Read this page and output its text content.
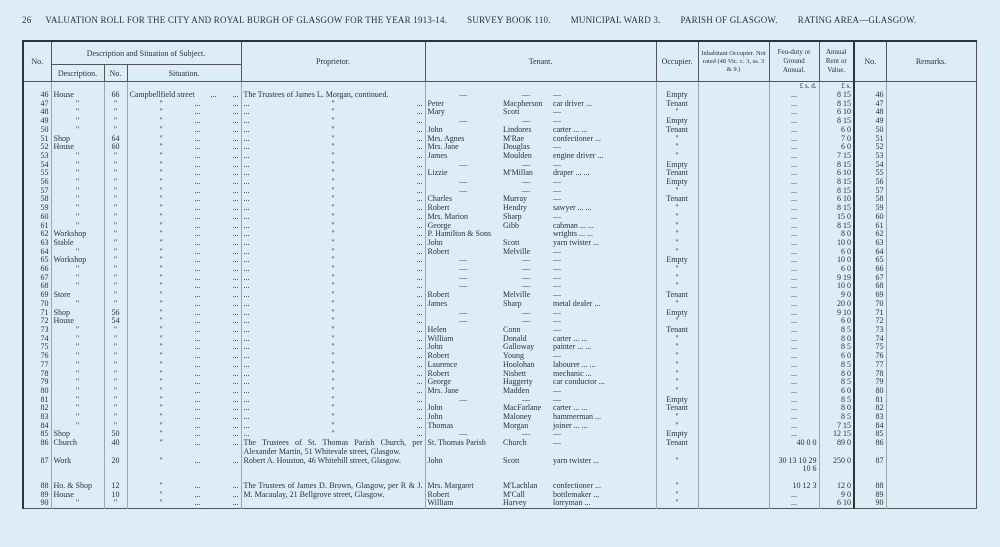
26 VALUATION ROLL FOR THE CITY AND ROYAL BURGH OF GLASGOW FOR THE YEAR 1913-14. SURVEY BOOK 110. MUNICIPAL WARD 3. PARISH OF GLASGOW. RATING AREA—GLASGOW.
No.	Description and Situation of Subject.			Proprietor.	Tenant.			Occupier.	Inhabitant Occupier. Not rated (48 Vic. c. 3, ss. 3 & 9.)	Feu-duty or Ground Annual.	Annual Rent or Value.	No.	Remarks.
	Description.	No.	Situation.										
										£ s. d.	£ s.		
46	House	66	Campbellfield street ... ...	The Trustees of James L. Morgan, continued.	—	—	—	Empty		...	8 15	46	
47	"	"	" ... ...	... " ...	Peter	Macpherson	car driver ...	Tenant		...	8 15	47	
48	"	"	" ... ...	... " ...	Mary	Scott	—	"		...	6 10	48	
49	"	"	" ... ...	... " ...	—	—	—	Empty		...	8 15	49	
50	"	"	" ... ...	... " ...	John	Lindores	carter ... ...	Tenant		...	6 0	50	
51	Shop	64	" ... ...	... " ...	Mrs. Agnes	M'Rae	confectioner ...	"		...	7 0	51	
52	House	60	" ... ...	... " ...	Mrs. Jane	Douglas	—	"		...	6 0	52	
53	"	"	" ... ...	... " ...	James	Moulden	engine driver ...	"		...	7 15	53	
54	"	"	" ... ...	... " ...	—	—	—	Empty		...	8 15	54	
55	"	"	" ... ...	... " ...	Lizzie	M'Millan	draper ... ...	Tenant		...	6 10	55	
56	"	"	" ... ...	... " ...	—	—	—	Empty		...	8 15	56	
57	"	"	" ... ...	... " ...	—	—	—	"		...	8 15	57	
58	"	"	" ... ...	... " ...	Charles	Murray	—	Tenant		...	6 10	58	
59	"	"	" ... ...	... " ...	Robert	Hendry	sawyer ... ...	"		...	8 15	59	
60	"	"	" ... ...	... " ...	Mrs. Marion	Sharp	—	"		...	15 0	60	
61	"	"	" ... ...	... " ...	George	Gibb	cabman ... ...	"		...	8 15	61	
62	Workshop	"	" ... ...	... " ...	P. Hamilton & Sons		wrights ... ...	"		...	8 0	62	
63	Stable	"	" ... ...	... " ...	John	Scott	yarn twister ...	"		...	10 0	63	
64	"	"	" ... ...	... " ...	Robert	Melville	—	"		...	6 0	64	
65	Workshop	"	" ... ...	... " ...	—	—	—	Empty		...	10 0	65	
66	"	"	" ... ...	... " ...	—	—	—	"		...	6 0	66	
67	"	"	" ... ...	... " ...	—	—	—	"		...	9 19	67	
68	"	"	" ... ...	... " ...	—	—	—	"		...	10 0	68	
69	Store	"	" ... ...	... " ...	Robert	Melville	—	Tenant		...	9 0	69	
70	"	"	" ... ...	... " ...	James	Sharp	metal dealer ...	"		...	20 0	70	
71	Shop	56	" ... ...	... " ...	—	—	—	Empty		...	9 10	71	
72	House	54	" ... ...	... " ...	—	—	—	"		...	6 0	72	
73	"	"	" ... ...	... " ...	Helen	Conn	—	Tenant		...	8 5	73	
74	"	"	" ... ...	... " ...	William	Donald	carter ... ...	"		...	8 0	74	
75	"	"	" ... ...	... " ...	John	Galloway	painter ... ...	"		...	8 5	75	
76	"	"	" ... ...	... " ...	Robert	Young	—	"		...	6 0	76	
77	"	"	" ... ...	... " ...	Laurence	Hoolohan	labourer ... ...	"		...	8 5	77	
78	"	"	" ... ...	... " ...	Robert	Nisbett	mechanic ...	"		...	8 0	78	
79	"	"	" ... ...	... " ...	George	Haggerty	car conductor ...	"		...	8 5	79	
80	"	"	" ... ...	... " ...	Mrs. Jane	Madden	—	"		...	6 0	80	
81	"	"	" ... ...	... " ...	—	—	—	Empty		...	8 5	81	
82	"	"	" ... ...	... " ...	John	MacFarlane	carter ... ...	Tenant		...	8 0	82	
83	"	"	" ... ...	... " ...	John	Maloney	hammerman ...	"		...	8 5	83	
84	"	"	" ... ...	... " ...	Thomas	Morgan	joiner ... ...	"		...	7 15	84	
85	Shop	50	" ... ...	... " ...	—	—	—	Empty		...	12 15	85	
86	Church	40	" ... ...	The Trustees of St. Thomas Parish Church, per Alexander Martin, 51 Whitevale street, Glasgow.	St. Thomas Parish	Church	—	Tenant		40 0 0	89 0	86	
87	Work	20	" ... ...	Robert A. Houston, 46 Whitehill street, Glasgow.	John	Scott	yarn twister ...	"		30 13 10 29 10 6	250 0	87	
88	Ho. & Shop	12	" ... ...	The Trustees of James D. Brown, Glasgow, per R & J. M. Macaulay, 21 Bellgrove street, Glasgow.	Mrs. Margaret	M'Lachlan	confectioner ...	"		10 12 3	12 0	88	
89	House	10	" ... ...		Robert	M'Call	bottlemaker ...	"		...	9 0	89	
90	"	"	" ... ...		William	Harvey	lorryman ...	"		...	6 10	90	
